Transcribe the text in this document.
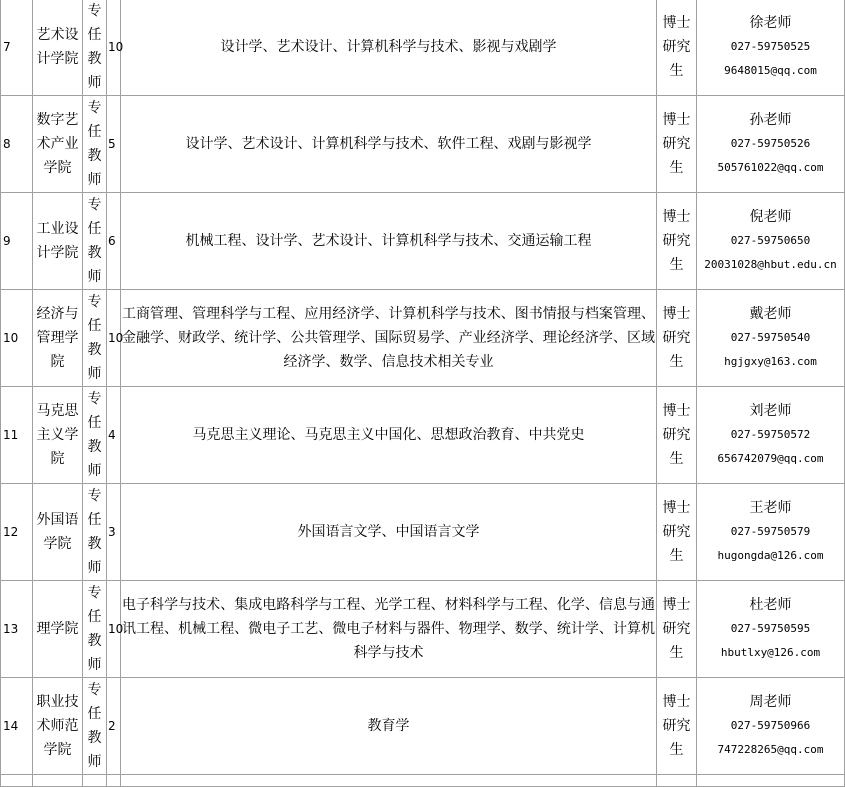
7	艺术设计学院	专任教师	10	设计学、艺术设计、计算机科学与技术、影视与戏剧学	博士研究生	徐老师
027-59750525
9648015@qq.com

8	数字艺术产业学院	专任教师	5	设计学、艺术设计、计算机科学与技术、软件工程、戏剧与影视学	博士研究生	孙老师
027-59750526
505761022@qq.com

9	工业设计学院	专任教师	6	机械工程、设计学、艺术设计、计算机科学与技术、交通运输工程	博士研究生	倪老师
027-59750650
20031028@hbut.edu.cn

10	经济与管理学院	专任教师	10	工商管理、管理科学与工程、应用经济学、计算机科学与技术、图书情报与档案管理、金融学、财政学、统计学、公共管理学、国际贸易学、产业经济学、理论经济学、区域经济学、数学、信息技术相关专业	博士研究生	戴老师
027-59750540
hgjgxy@163.com

11	马克思主义学院	专任教师	4	马克思主义理论、马克思主义中国化、思想政治教育、中共党史	博士研究生	刘老师
027-59750572
656742079@qq.com

12	外国语学院	专任教师	3	外国语言文学、中国语言文学	博士研究生	王老师
027-59750579
hugongda@126.com

13	理学院	专任教师	10	电子科学与技术、集成电路科学与工程、光学工程、材料科学与工程、化学、信息与通讯工程、机械工程、微电子工艺、微电子材料与器件、物理学、数学、统计学、计算机科学与技术	博士研究生	杜老师
027-59750595
hbutlxy@126.com

14	职业技术师范学院	专任教师	2	教育学	博士研究生	周老师
027-59750966
747228265@qq.com
